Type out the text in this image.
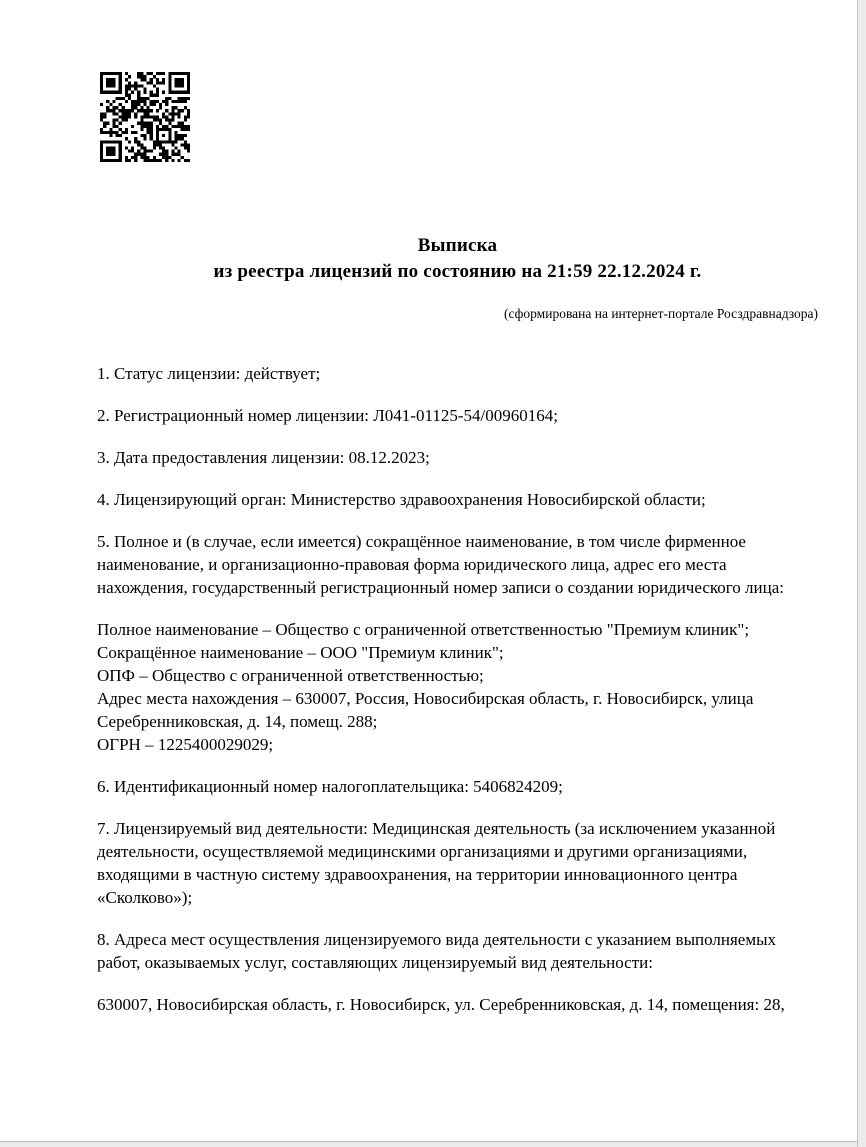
Выписка
из реестра лицензий по состоянию на 21:59 22.12.2024 г.
(сформирована на интернет-портале Росздравнадзора)

1. Статус лицензии: действует;

2. Регистрационный номер лицензии: Л041-01125-54/00960164;

3. Дата предоставления лицензии: 08.12.2023;

4. Лицензирующий орган: Министерство здравоохранения Новосибирской области;

5. Полное и (в случае, если имеется) сокращённое наименование, в том числе фирменное наименование, и организационно-правовая форма юридического лица, адрес его места нахождения, государственный регистрационный номер записи о создании юридического лица:

Полное наименование – Общество с ограниченной ответственностью "Премиум клиник";
Сокращённое наименование – ООО "Премиум клиник";
ОПФ – Общество с ограниченной ответственностью;
Адрес места нахождения – 630007, Россия, Новосибирская область, г. Новосибирск, улица Серебренниковская, д. 14, помещ. 288;
ОГРН – 1225400029029;

6. Идентификационный номер налогоплательщика: 5406824209;

7. Лицензируемый вид деятельности: Медицинская деятельность (за исключением указанной деятельности, осуществляемой медицинскими организациями и другими организациями, входящими в частную систему здравоохранения, на территории инновационного центра «Сколково»);

8. Адреса мест осуществления лицензируемого вида деятельности с указанием выполняемых работ, оказываемых услуг, составляющих лицензируемый вид деятельности:

630007, Новосибирская область, г. Новосибирск, ул. Серебренниковская, д. 14, помещения: 28,
